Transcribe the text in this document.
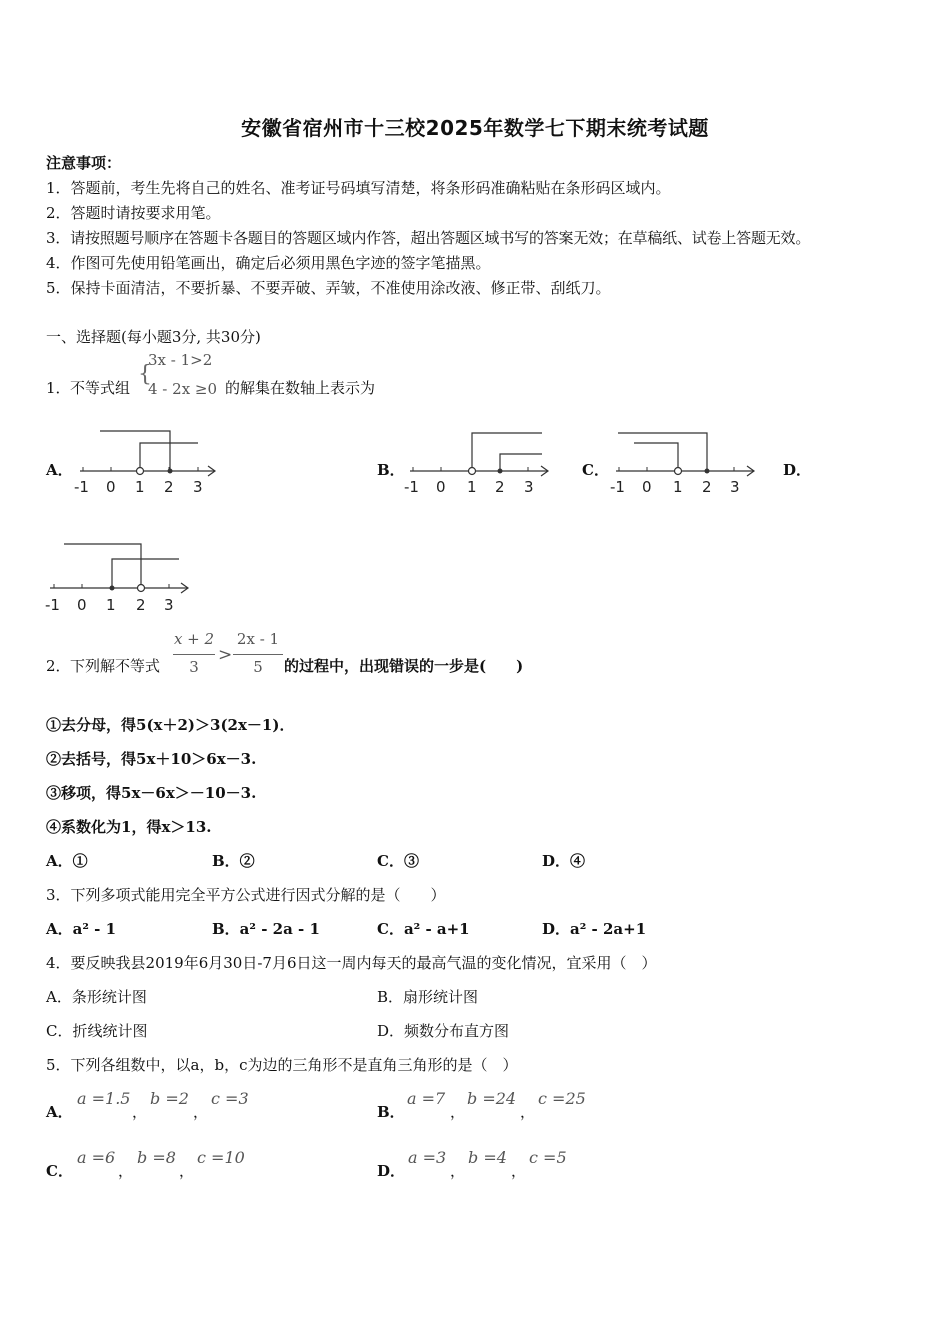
安徽省宿州市十三校2025年数学七下期末统考试题
注意事项：
1．答题前，考生先将自己的姓名、准考证号码填写清楚，将条形码准确粘贴在条形码区域内。
2．答题时请按要求用笔。
3．请按照题号顺序在答题卡各题目的答题区域内作答，超出答题区域书写的答案无效；在草稿纸、试卷上答题无效。
4．作图可先使用铅笔画出，确定后必须用黑色字迹的签字笔描黑。
5．保持卡面清洁，不要折暴、不要弄破、弄皱，不准使用涂改液、修正带、刮纸刀。
一、选择题(每小题3分, 共30分)
1． 不等式组
{
3x - 1>2
4 - 2x ≥0 的解集在数轴上表示为
A．	B．	C．	D．
-1 0 1 2 3	-1 0 1 2 3	-1 0 1 2 3
-1 0 1 2 3
2． 下列解不等式
x + 2
3
>
2x - 1
5	的过程中，出现错误的一步是(　　)
①去分母，得5(x＋2)＞3(2x－1)．
②去括号，得5x＋10＞6x－3.
③移项，得5x－6x＞－10－3.
④系数化为1，得x＞13.
A．①	B．②	C．③	D．④
3．下列多项式能用完全平方公式进行因式分解的是（　　）
A．a² - 1	B．a² - 2a - 1	C．a² - a+1	D．a² - 2a+1
4．要反映我县2019年6月30日-7月6日这一周内每天的最高气温的变化情况，宜采用（　）
A．条形统计图	B．扇形统计图
C．折线统计图	D．频数分布直方图
5．下列各组数中，以a，b，c为边的三角形不是直角三角形的是（　）
A．
a =1.5
，
b =2
，
c =3
B．
a =7
，
b =24
，
c =25
C．
a =6
，
b =8
，
c =10
D．
a =3
，
b =4
，
c =5
